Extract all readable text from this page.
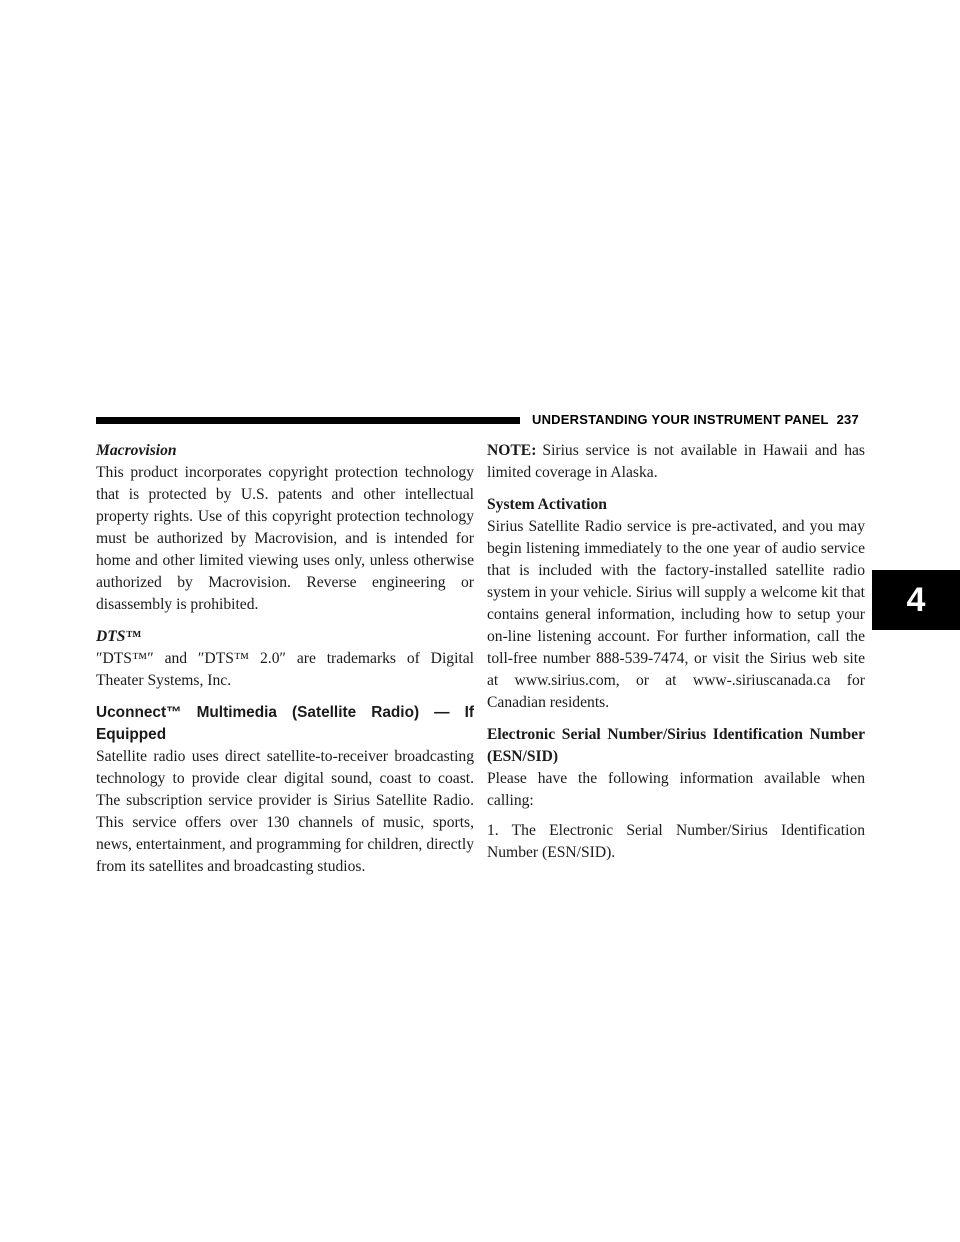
UNDERSTANDING YOUR INSTRUMENT PANEL 237
4

Macrovision

This product incorporates copyright protection technology that is protected by U.S. patents and other intellectual property rights. Use of this copyright protection technology must be authorized by Macrovision, and is intended for home and other limited viewing uses only, unless otherwise authorized by Macrovision. Reverse engineering or disassembly is prohibited.

DTS™

″DTS™″ and ″DTS™ 2.0″ are trademarks of Digital Theater Systems, Inc.

Uconnect™ Multimedia (Satellite Radio) — If Equipped

Satellite radio uses direct satellite-to-receiver broadcasting technology to provide clear digital sound, coast to coast. The subscription service provider is Sirius Satellite Radio. This service offers over 130 channels of music, sports, news, entertainment, and programming for children, directly from its satellites and broadcasting studios.

NOTE: Sirius service is not available in Hawaii and has limited coverage in Alaska.

System Activation

Sirius Satellite Radio service is pre-activated, and you may begin listening immediately to the one year of audio service that is included with the factory-installed satellite radio system in your vehicle. Sirius will supply a welcome kit that contains general information, including how to setup your on-line listening account. For further information, call the toll-free number 888-539-7474, or visit the Sirius web site at www.sirius.com, or at www-.siriuscanada.ca for Canadian residents.

Electronic Serial Number/Sirius Identification Number (ESN/SID)

Please have the following information available when calling:

1. The Electronic Serial Number/Sirius Identification Number (ESN/SID).
